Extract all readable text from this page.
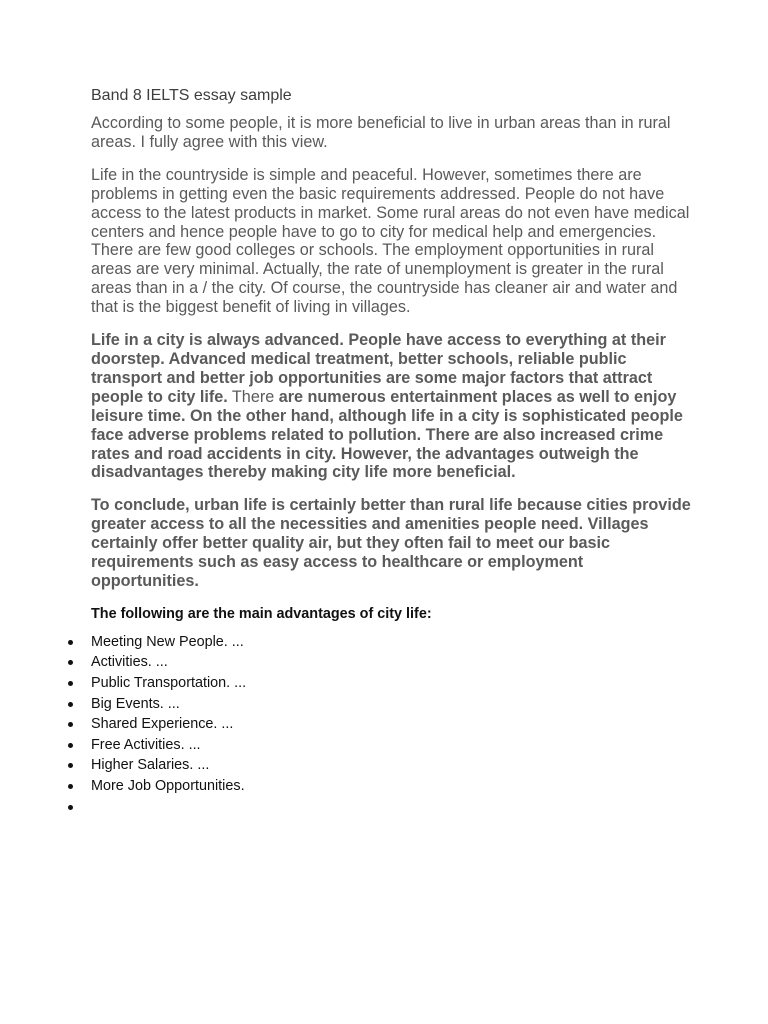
Band 8 IELTS essay sample

According to some people, it is more beneficial to live in urban areas than in rural areas. I fully agree with this view.

Life in the countryside is simple and peaceful. However, sometimes there are problems in getting even the basic requirements addressed. People do not have access to the latest products in market. Some rural areas do not even have medical centers and hence people have to go to city for medical help and emergencies. There are few good colleges or schools. The employment opportunities in rural areas are very minimal. Actually, the rate of unemployment is greater in the rural areas than in a / the city. Of course, the countryside has cleaner air and water and that is the biggest benefit of living in villages.

Life in a city is always advanced. People have access to everything at their doorstep. Advanced medical treatment, better schools, reliable public transport and better job opportunities are some major factors that attract people to city life. There are numerous entertainment places as well to enjoy leisure time. On the other hand, although life in a city is sophisticated people face adverse problems related to pollution. There are also increased crime rates and road accidents in city. However, the advantages outweigh the disadvantages thereby making city life more beneficial.

To conclude, urban life is certainly better than rural life because cities provide greater access to all the necessities and amenities people need. Villages certainly offer better quality air, but they often fail to meet our basic requirements such as easy access to healthcare or employment opportunities.

The following are the main advantages of city life:
Meeting New People. ...
Activities. ...
Public Transportation. ...
Big Events. ...
Shared Experience. ...
Free Activities. ...
Higher Salaries. ...
More Job Opportunities.
